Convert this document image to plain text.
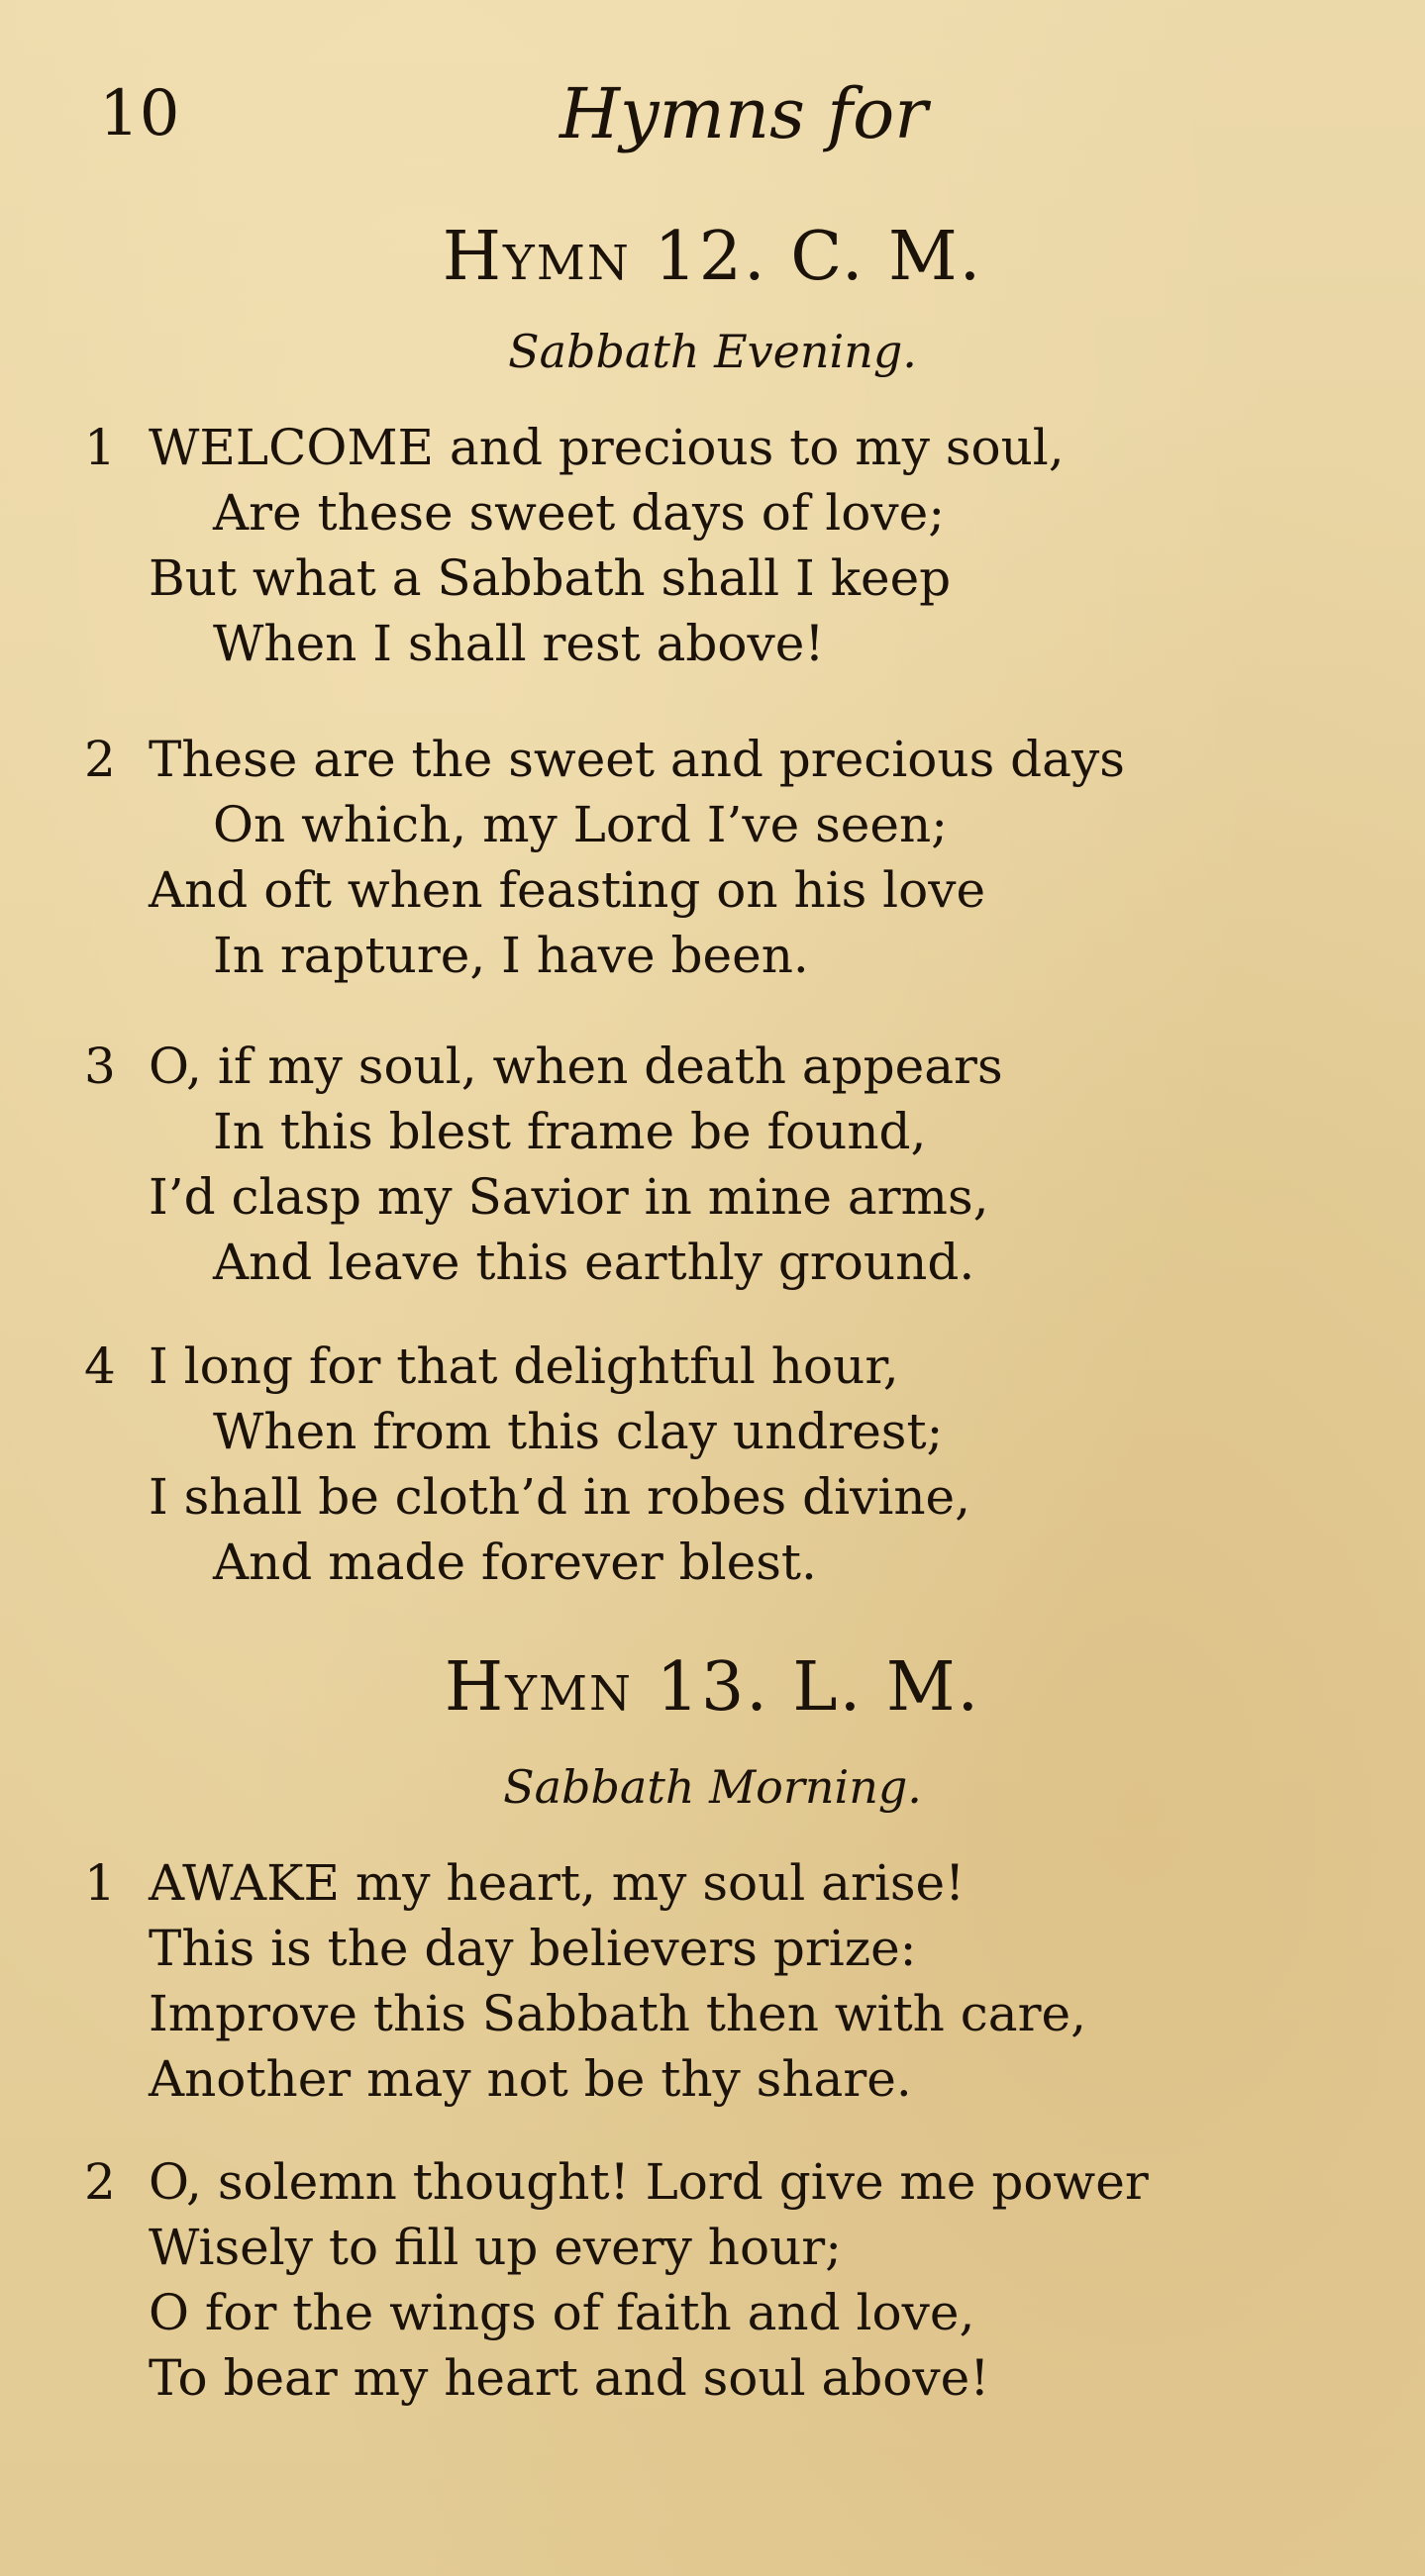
10	Hymns for
Hymn 12. C. M.
Sabbath Evening.
1 WELCOME and precious to my soul,
Are these sweet days of love;
But what a Sabbath shall I keep
When I shall rest above!
2 These are the sweet and precious days
On which, my Lord I’ve seen;
And oft when feasting on his love
In rapture, I have been.
3 O, if my soul, when death appears
In this blest frame be found,
I’d clasp my Savior in mine arms,
And leave this earthly ground.
4 I long for that delightful hour,
When from this clay undrest;
I shall be cloth’d in robes divine,
And made forever blest.
Hymn 13. L. M.
Sabbath Morning.
1 AWAKE my heart, my soul arise!
This is the day believers prize:
Improve this Sabbath then with care,
Another may not be thy share.
2 O, solemn thought! Lord give me power
Wisely to fill up every hour;
O for the wings of faith and love,
To bear my heart and soul above!
